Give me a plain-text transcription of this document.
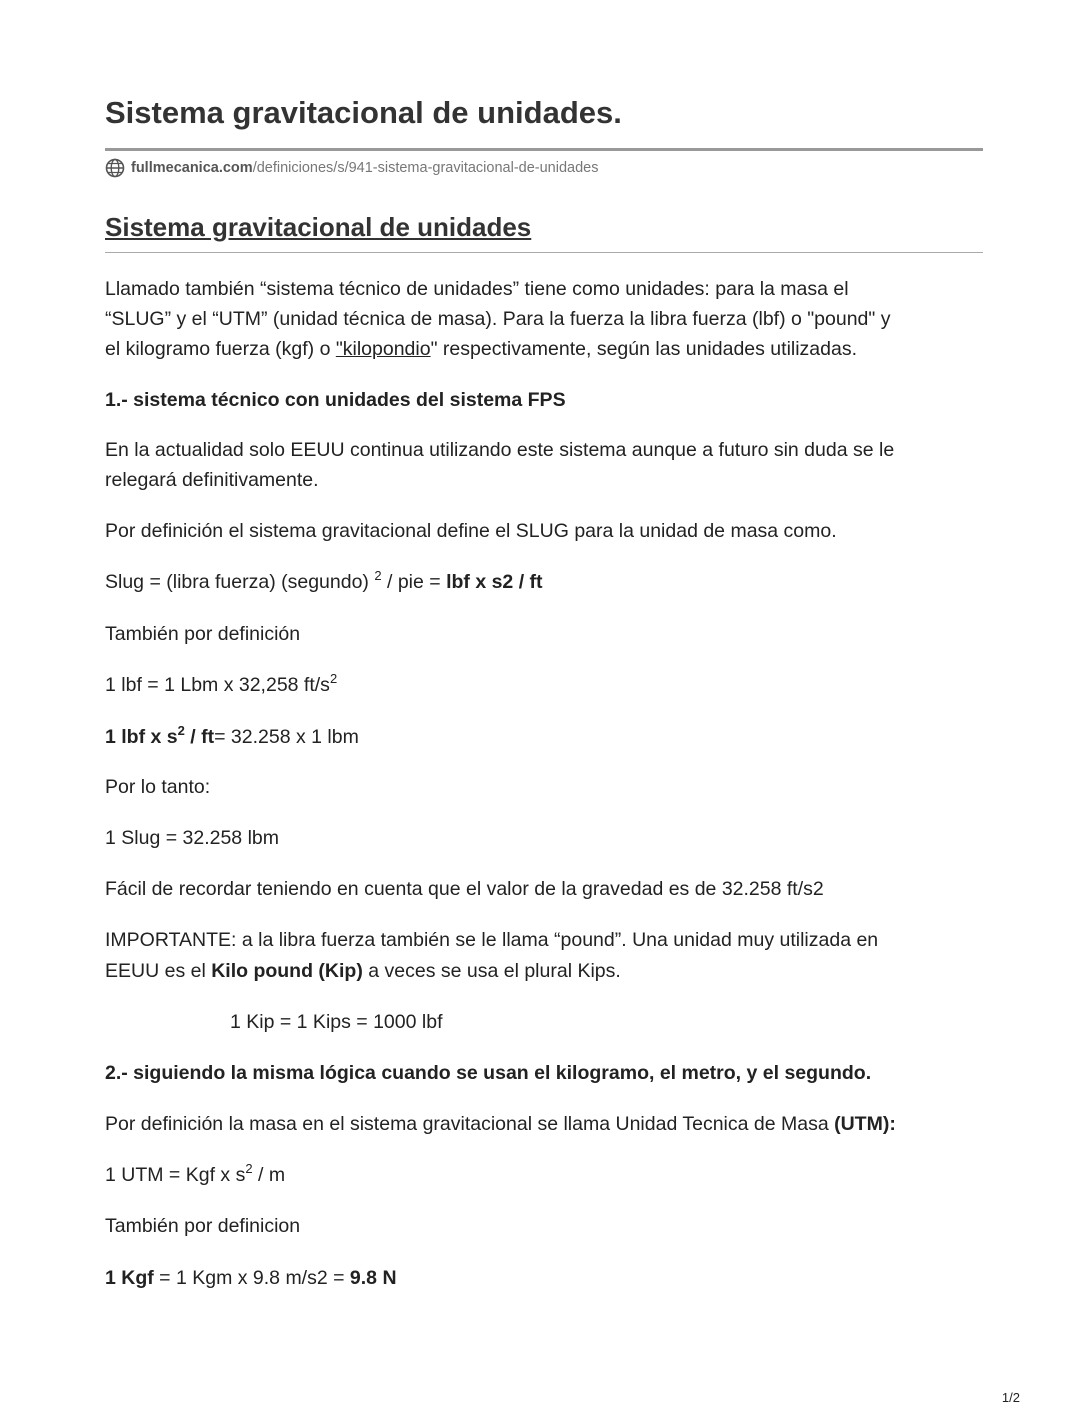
Sistema gravitacional de unidades.
fullmecanica.com /definiciones/s/941-sistema-gravitacional-de-unidades
Sistema gravitacional de unidades

Llamado también “sistema técnico de unidades” tiene como unidades: para la masa el

“SLUG” y el “UTM” (unidad técnica de masa). Para la fuerza la libra fuerza (lbf) o "pound" y

el kilogramo fuerza (kgf) o "kilopondio" respectivamente, según las unidades utilizadas.

1.- sistema técnico con unidades del sistema FPS

En la actualidad solo EEUU continua utilizando este sistema aunque a futuro sin duda se le

relegará definitivamente.

Por definición el sistema gravitacional define el SLUG para la unidad de masa como.

Slug = (libra fuerza) (segundo) $^2$ / pie = lbf x s2 / ft

También por definición

1 lbf = 1 Lbm x 32,258 $ft/s^2$

1 lbf x $s^2 / ft= 32.258$ x 1 lbm

Por lo tanto:

1 Slug = 32.258 lbm

Fácil de recordar teniendo en cuenta que el valor de la gravedad es de 32.258 ft/s2

IMPORTANTE: a la libra fuerza también se le llama “pound”. Una unidad muy utilizada en

EEUU es el Kilo pound (Kip) a veces se usa el plural Kips.

1 Kip = 1 Kips = 1000 lbf

2.- siguiendo la misma lógica cuando se usan el kilogramo, el metro, y el segundo.

Por definición la masa en el sistema gravitacional se llama Unidad Tecnica de Masa (UTM):

1 UTM = Kgf x $s^2$ / m

También por definicion

1 Kgf = 1 Kgm x 9.8 m/s2 = 9.8 N

1/2
